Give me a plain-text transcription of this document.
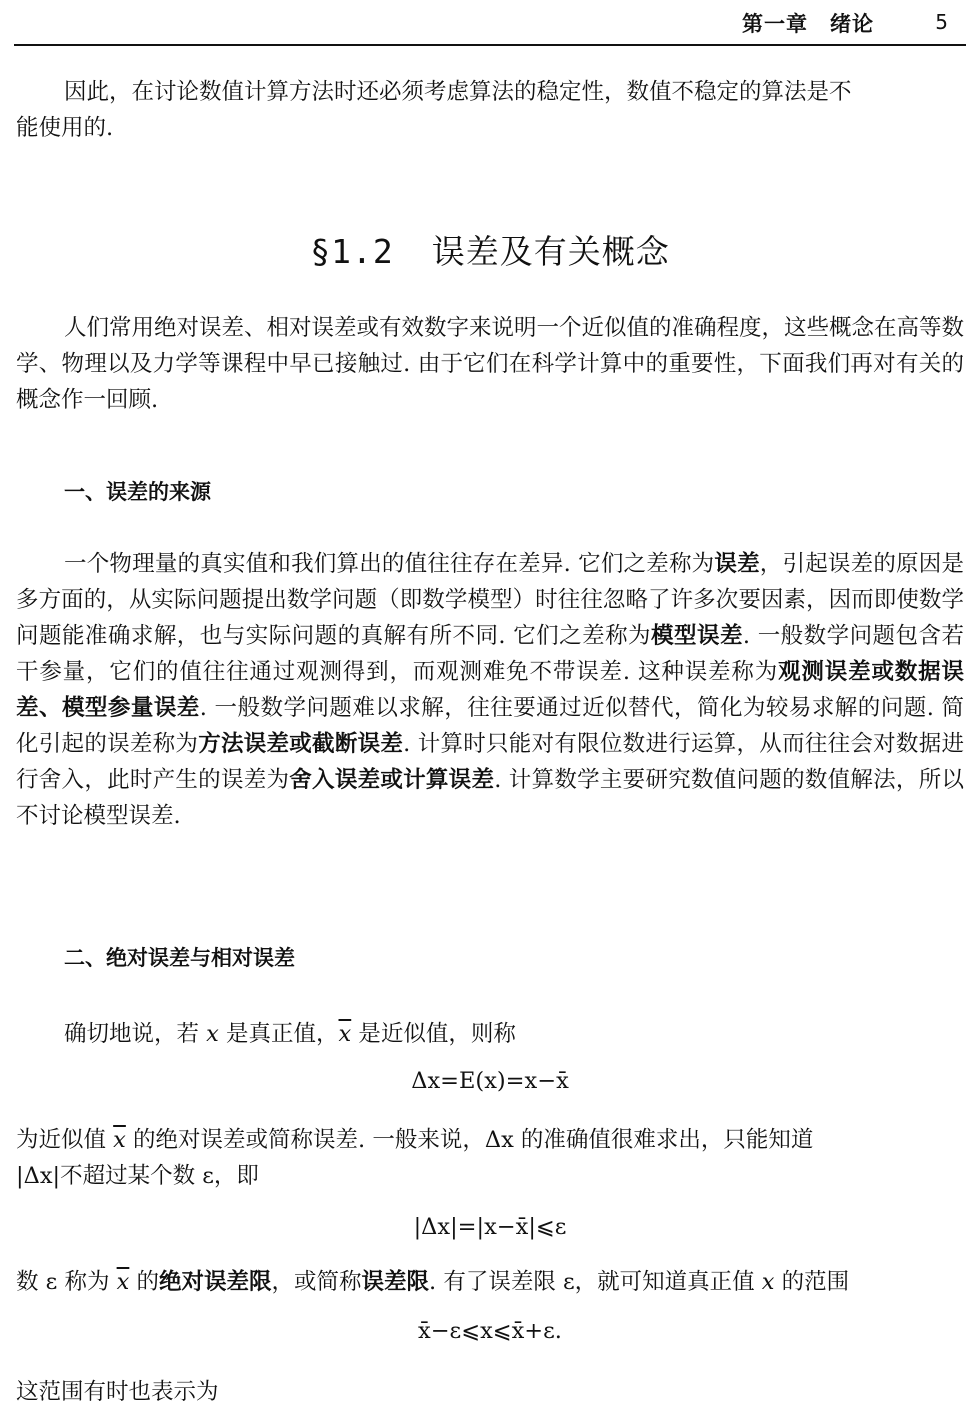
第一章　绪论	5

因此，在讨论数值计算方法时还必须考虑算法的稳定性，数值不稳定的算法是不
能使用的.

§1.2 误差及有关概念

人们常用绝对误差、相对误差或有效数字来说明一个近似值的准确程度，这些概念在高等数学、物理以及力学等课程中早已接触过. 由于它们在科学计算中的重要性，下面我们再对有关的概念作一回顾.

一、误差的来源

一个物理量的真实值和我们算出的值往往存在差异. 它们之差称为误差，引起误差的原因是多方面的，从实际问题提出数学问题（即数学模型）时往往忽略了许多次要因素，因而即使数学问题能准确求解，也与实际问题的真解有所不同. 它们之差称为模型误差. 一般数学问题包含若干参量，它们的值往往通过观测得到，而观测难免不带误差. 这种误差称为观测误差或数据误差、模型参量误差. 一般数学问题难以求解，往往要通过近似替代，简化为较易求解的问题. 简化引起的误差称为方法误差或截断误差. 计算时只能对有限位数进行运算，从而往往会对数据进行舍入，此时产生的误差为舍入误差或计算误差. 计算数学主要研究数值问题的数值解法，所以不讨论模型误差.

二、绝对误差与相对误差

确切地说，若 x 是真正值，$\overline{x}$ 是近似值，则称

Δx=E(x)=x−x̄

为近似值 $\overline{x}$ 的绝对误差或简称误差. 一般来说，Δx 的准确值很难求出，只能知道
|Δx|不超过某个数 ε，即

|Δx|=|x−x̄|⩽ε

数 ε 称为 $\overline{x}$ 的绝对误差限，或简称误差限. 有了误差限 ε，就可知道真正值 x 的范围

x̄−ε⩽x⩽x̄+ε.

这范围有时也表示为
